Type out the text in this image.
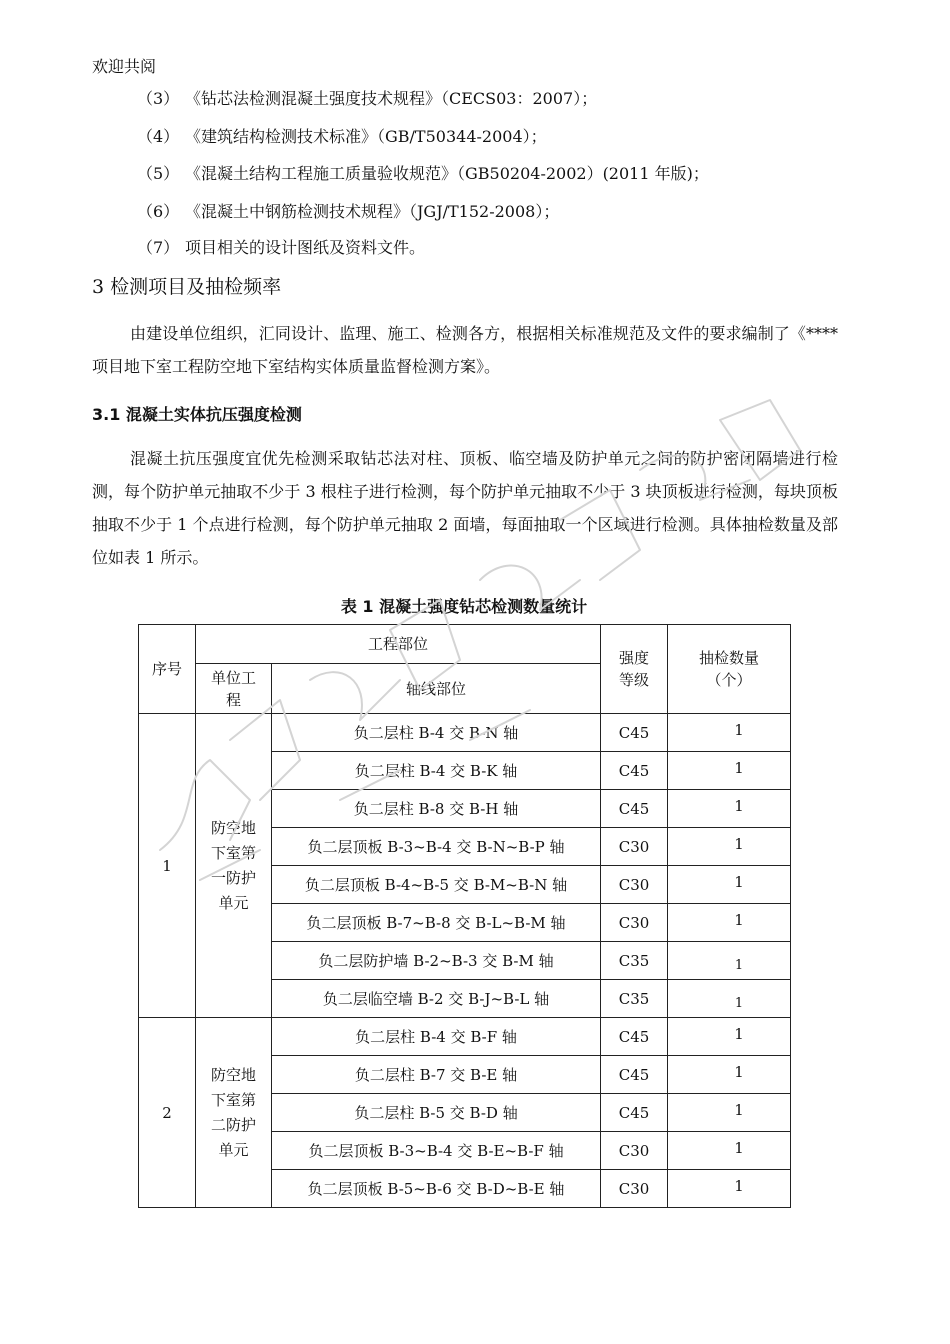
欢迎共阅
（3） 《钻芯法检测混凝土强度技术规程》（CECS03：2007）；
（4） 《建筑结构检测技术标准》（GB/T50344-2004）；
（5） 《混凝土结构工程施工质量验收规范》（GB50204-2002）(2011 年版)；
（6） 《混凝土中钢筋检测技术规程》（JGJ/T152-2008）；
（7） 项目相关的设计图纸及资料文件。
3 检测项目及抽检频率
由建设单位组织，汇同设计、监理、施工、检测各方，根据相关标准规范及文件的要求编制了《****项目地下室工程防空地下室结构实体质量监督检测方案》。
3.1 混凝土实体抗压强度检测
混凝土抗压强度宜优先检测采取钻芯法对柱、顶板、临空墙及防护单元之间的防护密闭隔墙进行检测，每个防护单元抽取不少于 3 根柱子进行检测，每个防护单元抽取不少于 3 块顶板进行检测，每块顶板抽取不少于 1 个点进行检测，每个防护单元抽取 2 面墙，每面抽取一个区域进行检测。具体抽检数量及部位如表 1 所示。
表 1 混凝土强度钻芯检测数量统计
序号	工程部位		强度等级	抽检数量（个）

	单位工程	轴线部位		
1	防空地下室第一防护单元	负二层柱 B-4 交 B-N 轴	C45	1
		负二层柱 B-4 交 B-K 轴	C45	1
		负二层柱 B-8 交 B-H 轴	C45	1
		负二层顶板 B-3~B-4 交 B-N~B-P 轴	C30	1
		负二层顶板 B-4~B-5 交 B-M~B-N 轴	C30	1
		负二层顶板 B-7~B-8 交 B-L~B-M 轴	C30	1
		负二层防护墙 B-2~B-3 交 B-M 轴	C35	1
		负二层临空墙 B-2 交 B-J~B-L 轴	C35	1
2	防空地下室第二防护单元	负二层柱 B-4 交 B-F 轴	C45	1
		负二层柱 B-7 交 B-E 轴	C45	1
		负二层柱 B-5 交 B-D 轴	C45	1
		负二层顶板 B-3~B-4 交 B-E~B-F 轴	C30	1
		负二层顶板 B-5~B-6 交 B-D~B-E 轴	C30	1
